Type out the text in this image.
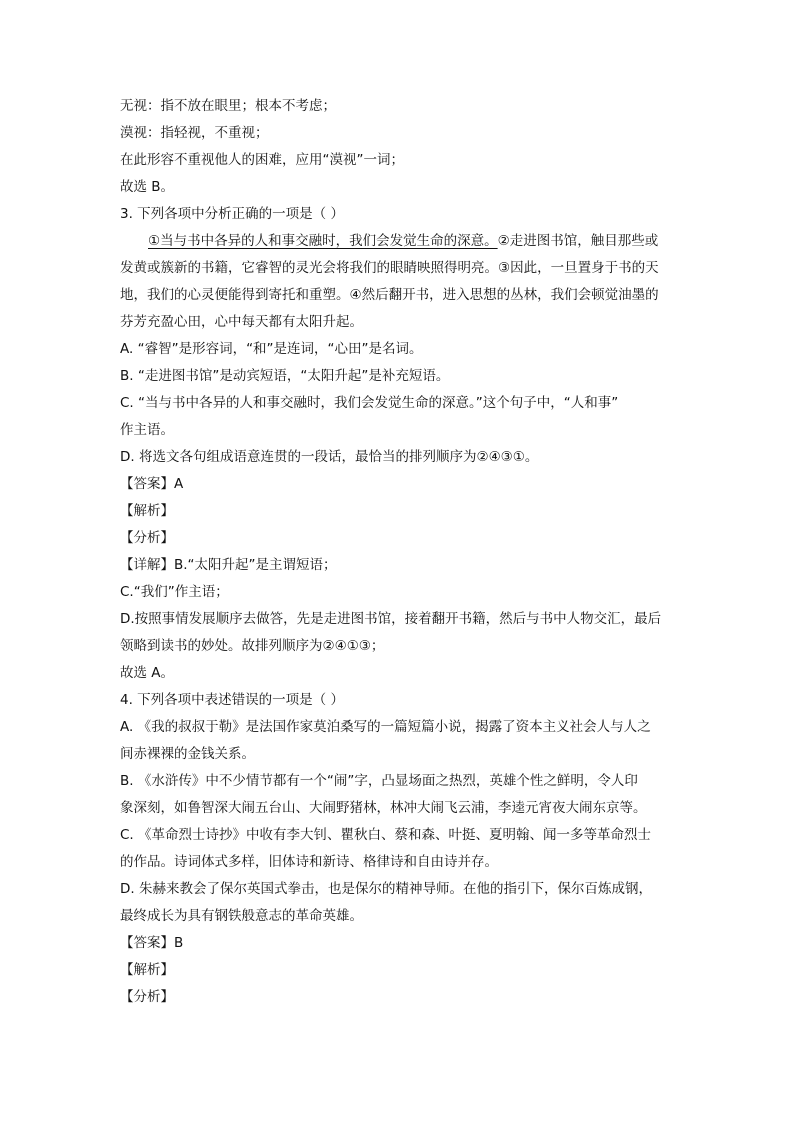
无视：指不放在眼里；根本不考虑；
漠视：指轻视，不重视；
在此形容不重视他人的困难，应用“漠视”一词；
故选 B。
3. 下列各项中分析正确的一项是（ ）
①当与书中各异的人和事交融时，我们会发觉生命的深意。②走进图书馆，触目那些或
发黄或簇新的书籍，它睿智的灵光会将我们的眼睛映照得明亮。③因此，一旦置身于书的天
地，我们的心灵便能得到寄托和重塑。④然后翻开书，进入思想的丛林，我们会顿觉油墨的
芬芳充盈心田，心中每天都有太阳升起。
A. “睿智”是形容词，“和”是连词，“心田”是名词。
B. “走进图书馆”是动宾短语，“太阳升起”是补充短语。
C. “当与书中各异的人和事交融时，我们会发觉生命的深意。”这个句子中，“人和事”
作主语。
D. 将选文各句组成语意连贯的一段话，最恰当的排列顺序为②④③①。
【答案】A
【解析】
【分析】
【详解】B.“太阳升起”是主谓短语；
C.“我们”作主语；
D.按照事情发展顺序去做答，先是走进图书馆，接着翻开书籍，然后与书中人物交汇，最后
领略到读书的妙处。故排列顺序为②④①③；
故选 A。
4. 下列各项中表述错误的一项是（ ）
A. 《我的叔叔于勒》是法国作家莫泊桑写的一篇短篇小说，揭露了资本主义社会人与人之
间赤裸裸的金钱关系。
B. 《水浒传》中不少情节都有一个“闹”字，凸显场面之热烈，英雄个性之鲜明，令人印
象深刻，如鲁智深大闹五台山、大闹野猪林，林冲大闹飞云浦，李逵元宵夜大闹东京等。
C. 《革命烈士诗抄》中收有李大钊、瞿秋白、蔡和森、叶挺、夏明翰、闻一多等革命烈士
的作品。诗词体式多样，旧体诗和新诗、格律诗和自由诗并存。
D. 朱赫来教会了保尔英国式拳击，也是保尔的精神导师。在他的指引下，保尔百炼成钢，
最终成长为具有钢铁般意志的革命英雄。
【答案】B
【解析】
【分析】
